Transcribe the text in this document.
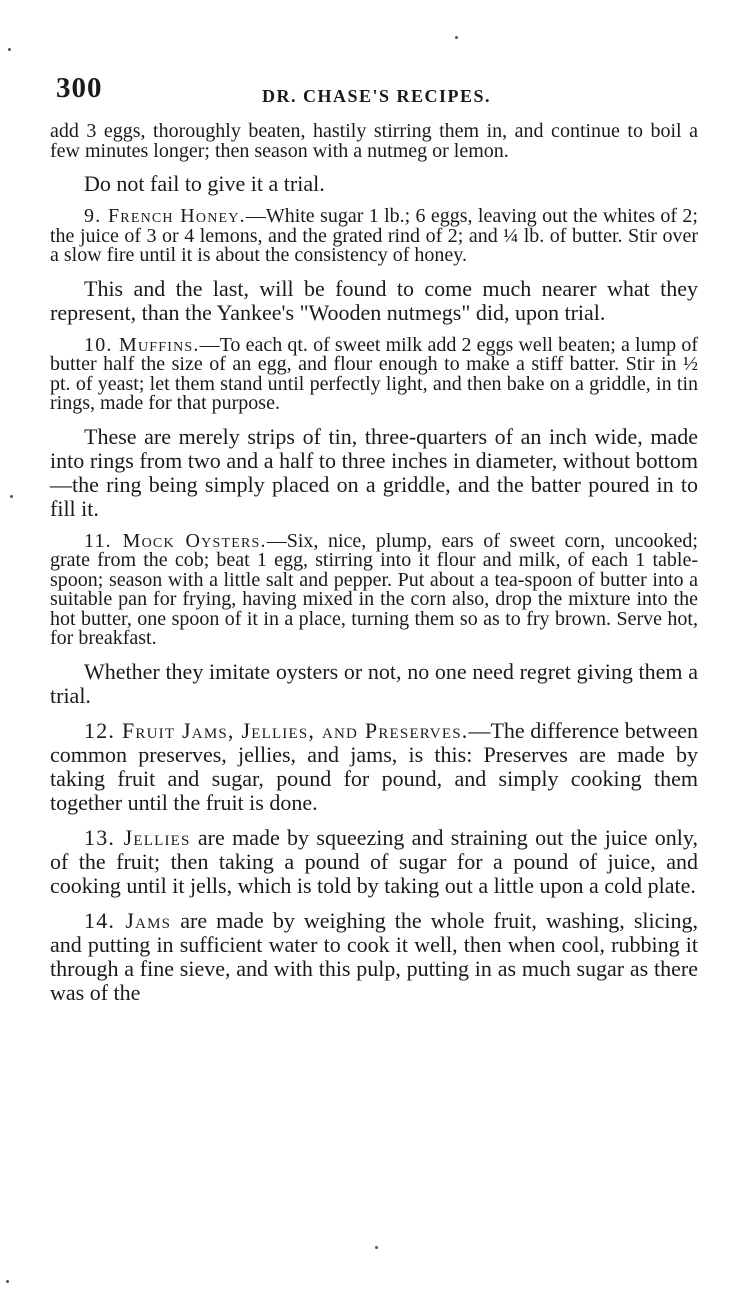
300	DR. CHASE'S RECIPES.

add 3 eggs, thoroughly beaten, hastily stirring them in, and continue to boil a few minutes longer; then season with a nutmeg or lemon.

Do not fail to give it a trial.

9. French Honey.—White sugar 1 lb.; 6 eggs, leaving out the whites of 2; the juice of 3 or 4 lemons, and the grated rind of 2; and ¼ lb. of butter. Stir over a slow fire until it is about the consistency of honey.

This and the last, will be found to come much nearer what they represent, than the Yankee's "Wooden nutmegs" did, upon trial.

10. Muffins.—To each qt. of sweet milk add 2 eggs well beaten; a lump of butter half the size of an egg, and flour enough to make a stiff batter. Stir in ½ pt. of yeast; let them stand until perfectly light, and then bake on a griddle, in tin rings, made for that purpose.

These are merely strips of tin, three-quarters of an inch wide, made into rings from two and a half to three inches in diameter, without bottom—the ring being simply placed on a griddle, and the batter poured in to fill it.

11. Mock Oysters.—Six, nice, plump, ears of sweet corn, uncooked; grate from the cob; beat 1 egg, stirring into it flour and milk, of each 1 table-spoon; season with a little salt and pepper. Put about a tea-spoon of butter into a suitable pan for frying, having mixed in the corn also, drop the mixture into the hot butter, one spoon of it in a place, turning them so as to fry brown. Serve hot, for breakfast.

Whether they imitate oysters or not, no one need regret giving them a trial.

12. Fruit Jams, Jellies, and Preserves.—The difference between common preserves, jellies, and jams, is this: Preserves are made by taking fruit and sugar, pound for pound, and simply cooking them together until the fruit is done.

13. Jellies are made by squeezing and straining out the juice only, of the fruit; then taking a pound of sugar for a pound of juice, and cooking until it jells, which is told by taking out a little upon a cold plate.

14. Jams are made by weighing the whole fruit, washing, slicing, and putting in sufficient water to cook it well, then when cool, rubbing it through a fine sieve, and with this pulp, putting in as much sugar as there was of the
